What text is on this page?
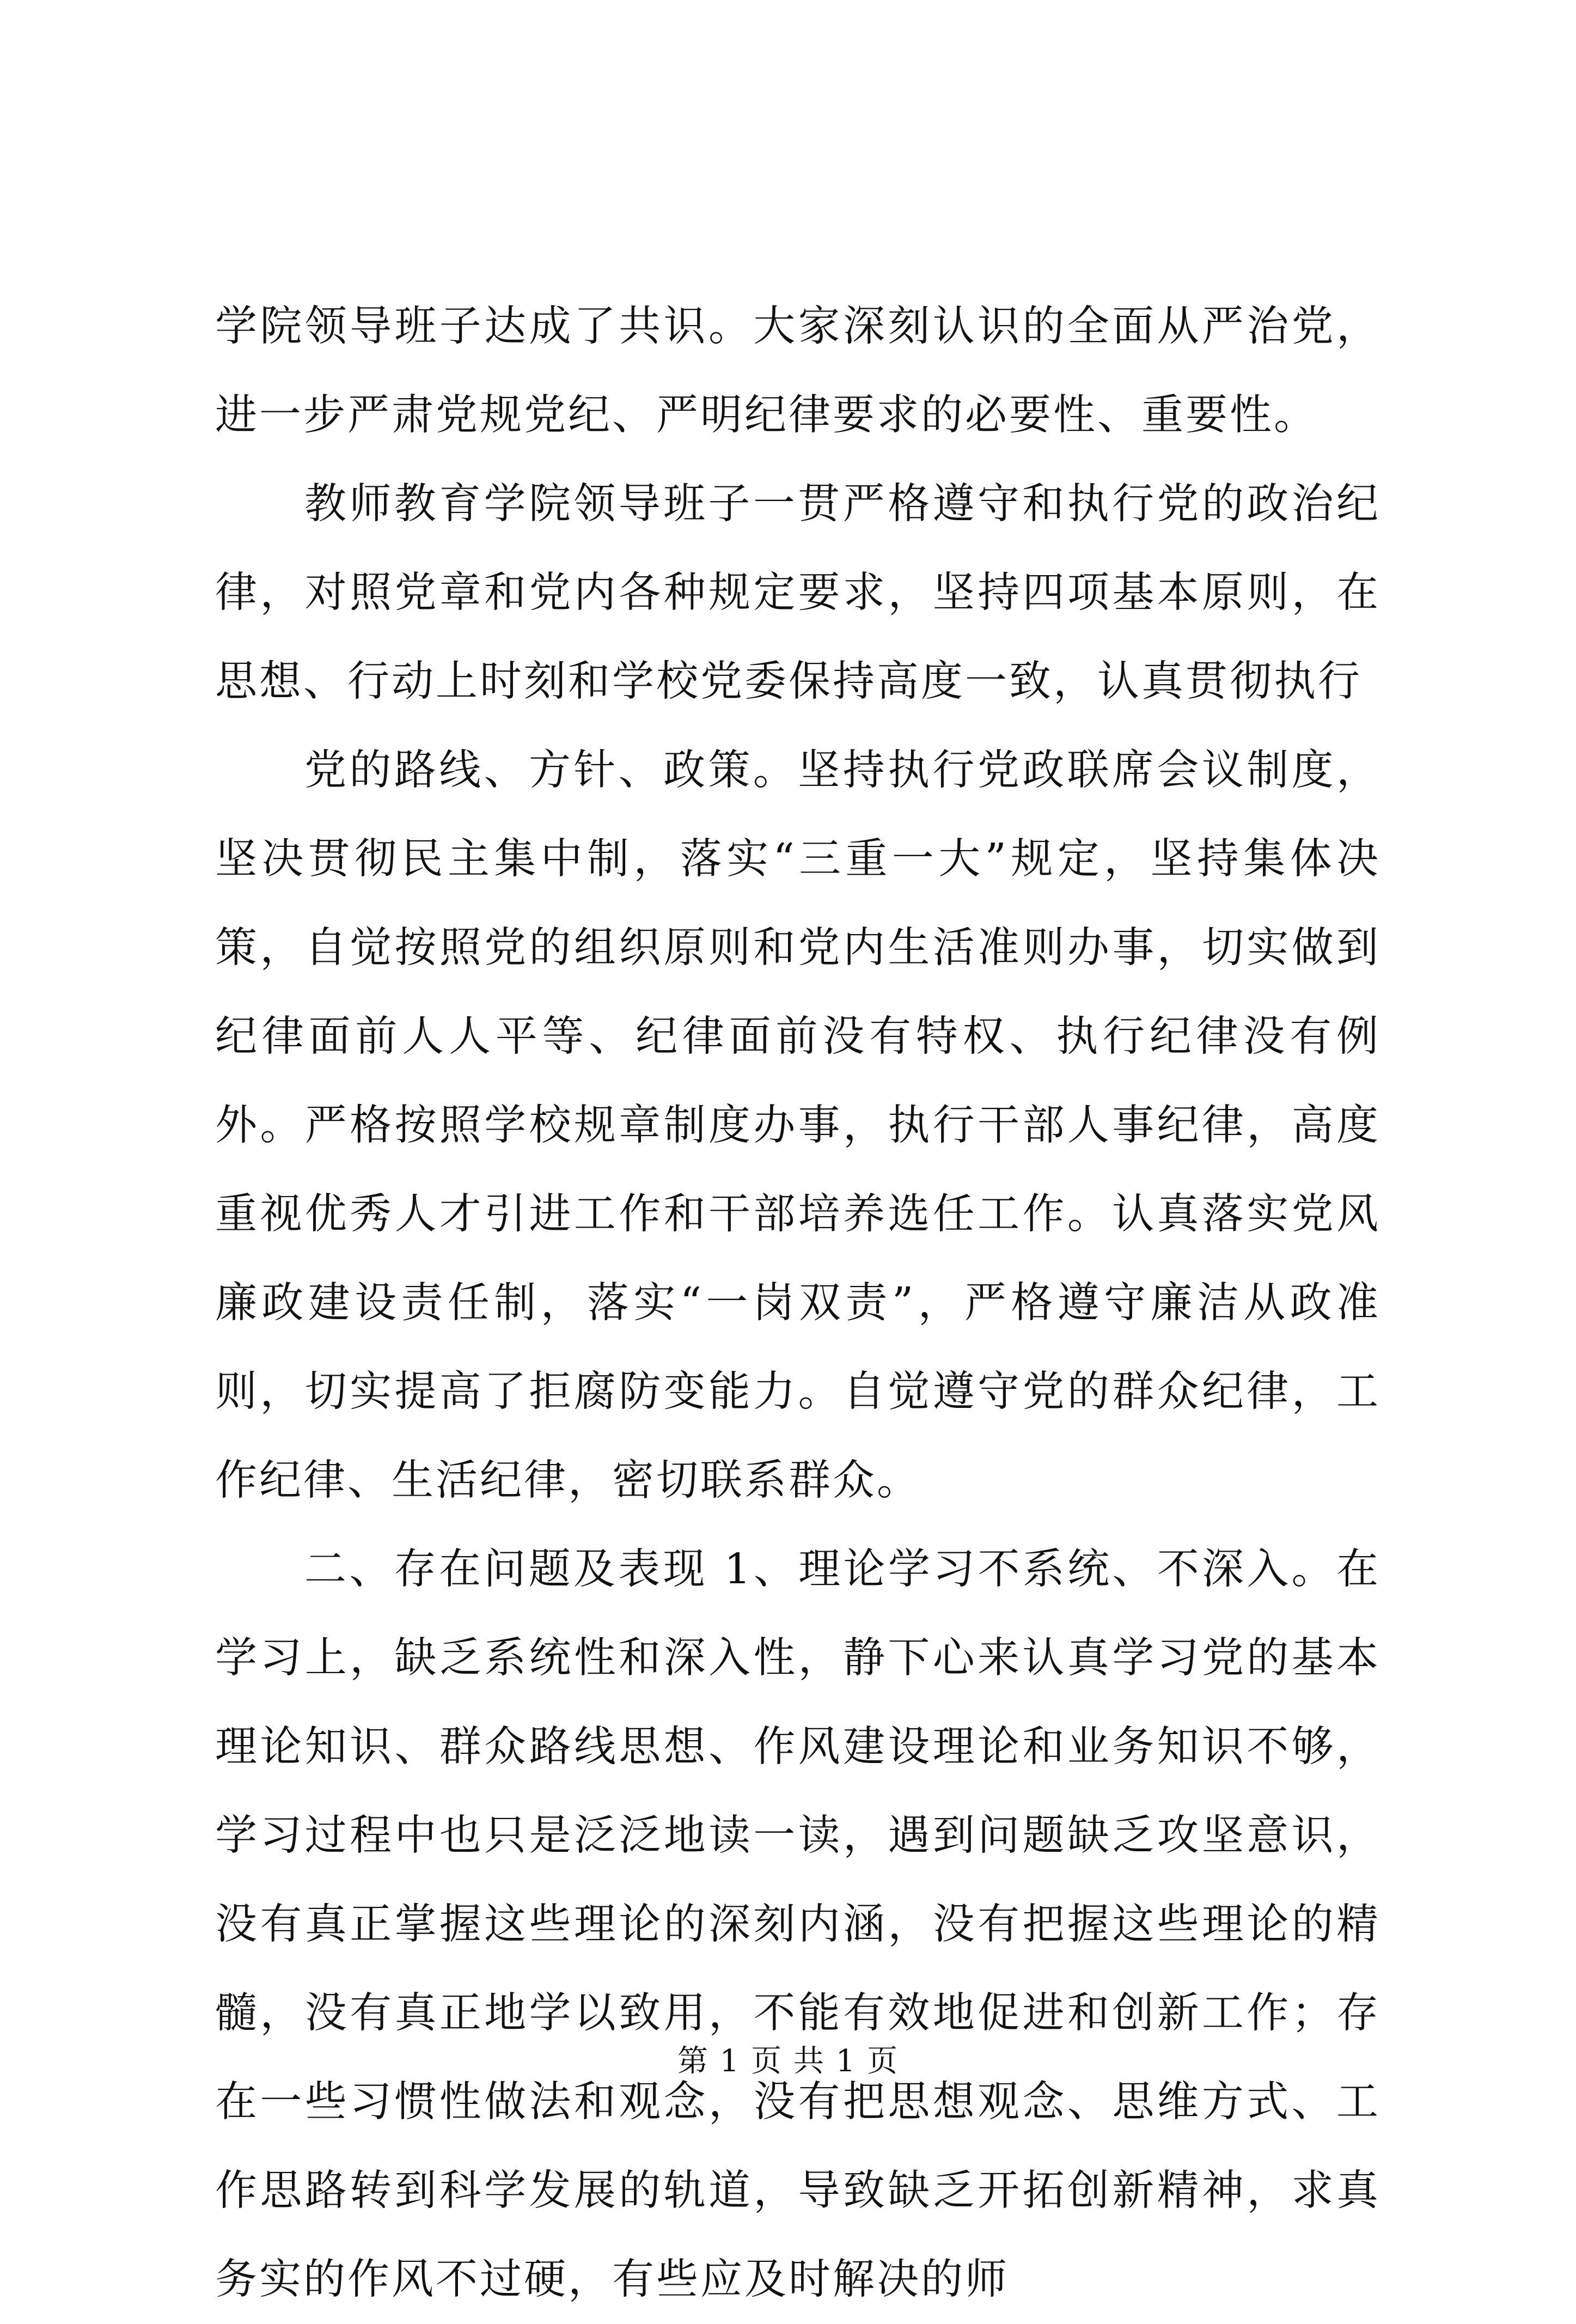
学院领导班子达成了共识。大家深刻认识的全面从严治党，进一步严肃党规党纪、严明纪律要求的必要性、重要性。

教师教育学院领导班子一贯严格遵守和执行党的政治纪律，对照党章和党内各种规定要求，坚持四项基本原则，在思想、行动上时刻和学校党委保持高度一致，认真贯彻执行

党的路线、方针、政策。坚持执行党政联席会议制度，坚决贯彻民主集中制，落实“三重一大”规定，坚持集体决策，自觉按照党的组织原则和党内生活准则办事，切实做到纪律面前人人平等、纪律面前没有特权、执行纪律没有例外。严格按照学校规章制度办事，执行干部人事纪律，高度重视优秀人才引进工作和干部培养选任工作。认真落实党风廉政建设责任制，落实“一岗双责”，严格遵守廉洁从政准则，切实提高了拒腐防变能力。自觉遵守党的群众纪律，工作纪律、生活纪律，密切联系群众。

二、存在问题及表现 1、理论学习不系统、不深入。在学习上，缺乏系统性和深入性，静下心来认真学习党的基本理论知识、群众路线思想、作风建设理论和业务知识不够，学习过程中也只是泛泛地读一读，遇到问题缺乏攻坚意识，没有真正掌握这些理论的深刻内涵，没有把握这些理论的精髓，没有真正地学以致用，不能有效地促进和创新工作；存在一些习惯性做法和观念，没有把思想观念、思维方式、工作思路转到科学发展的轨道，导致缺乏开拓创新精神，求真务实的作风不过硬，有些应及时解决的师

第 1 页 共 1 页
